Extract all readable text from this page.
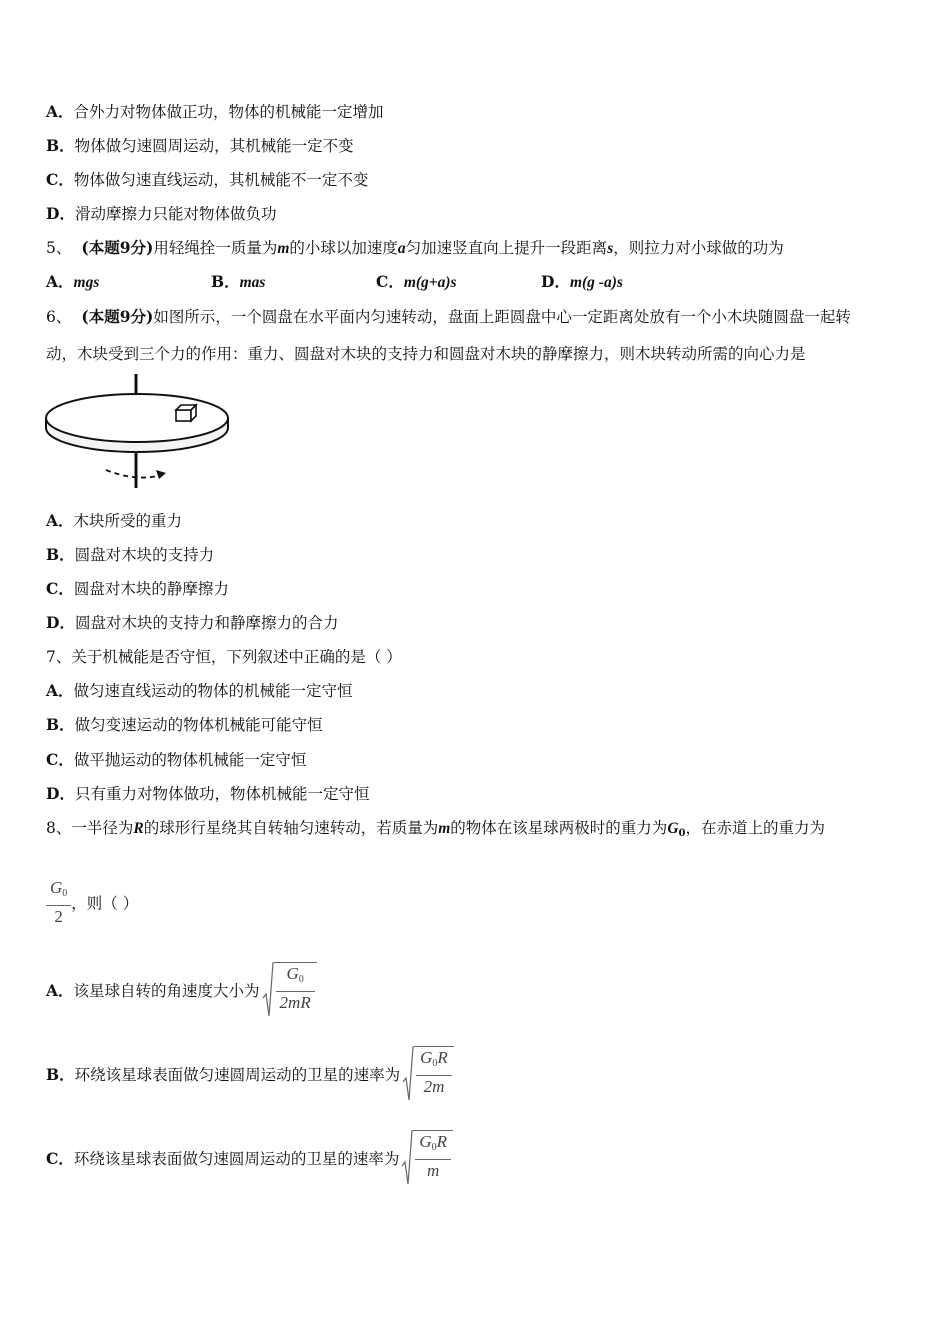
A．合外力对物体做正功，物体的机械能一定增加
B．物体做匀速圆周运动，其机械能一定不变
C．物体做匀速直线运动，其机械能不一定不变
D．滑动摩擦力只能对物体做负功
5、 (本题9分)用轻绳拴一质量为m的小球以加速度a匀加速竖直向上提升一段距离s，则拉力对小球做的功为
A．mgs	B．mas	C．m(g+a)s	D．m(g -a)s
6、 (本题9分)如图所示，一个圆盘在水平面内匀速转动，盘面上距圆盘中心一定距离处放有一个小木块随圆盘一起转
动，木块受到三个力的作用：重力、圆盘对木块的支持力和圆盘对木块的静摩擦力，则木块转动所需的向心力是
A．木块所受的重力
B．圆盘对木块的支持力
C．圆盘对木块的静摩擦力
D．圆盘对木块的支持力和静摩擦力的合力
7、关于机械能是否守恒，下列叙述中正确的是（ ）
A．做匀速直线运动的物体的机械能一定守恒
B．做匀变速运动的物体机械能可能守恒
C．做平抛运动的物体机械能一定守恒
D．只有重力对物体做功，物体机械能一定守恒
8、一半径为R的球形行星绕其自转轴匀速转动，若质量为m的物体在该星球两极时的重力为G0，在赤道上的重力为
$\frac{G_0}{2}$ ，则（ ）
A．该星球自转的角速度大小为 $\frac{G_0}{2mR}$
B．环绕该星球表面做匀速圆周运动的卫星的速率为 $\frac{G_0R}{2m}$
C．环绕该星球表面做匀速圆周运动的卫星的速率为 $\frac{G_0R}{m}$
